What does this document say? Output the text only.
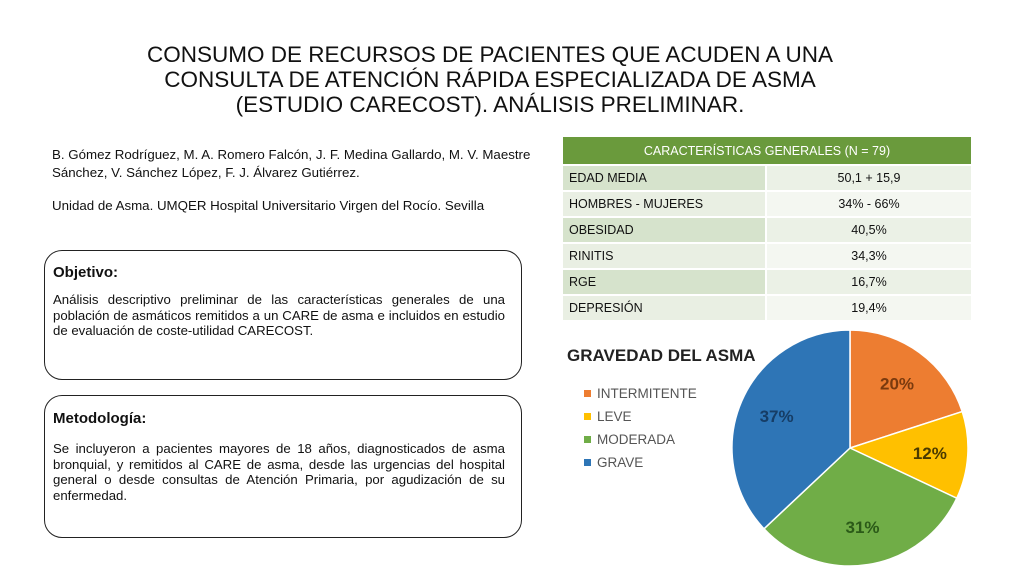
CONSUMO DE RECURSOS DE PACIENTES QUE ACUDEN A UNA CONSULTA DE ATENCIÓN RÁPIDA ESPECIALIZADA DE ASMA (ESTUDIO CARECOST). ANÁLISIS PRELIMINAR.
B. Gómez Rodríguez, M. A. Romero Falcón, J. F. Medina Gallardo, M. V. Maestre Sánchez, V. Sánchez López, F. J. Álvarez Gutiérrez.
Unidad de Asma. UMQER Hospital Universitario Virgen del Rocío. Sevilla
Objetivo:

Análisis descriptivo preliminar de las características generales de una población de asmáticos remitidos a un CARE de asma e incluidos en estudio de evaluación de coste-utilidad CARECOST.

Metodología:

Se incluyeron a pacientes mayores de 18 años, diagnosticados de asma bronquial, y remitidos al CARE de asma, desde las urgencias del hospital general o desde consultas de Atención Primaria, por agudización de su enfermedad.

CARACTERÍSTICAS GENERALES (N = 79)	
EDAD MEDIA	50,1 + 15,9
HOMBRES - MUJERES	34% - 66%
OBESIDAD	40,5%
RINITIS	34,3%
RGE	16,7%
DEPRESIÓN	19,4%
GRAVEDAD DEL ASMA
INTERMITENTE
LEVE
MODERADA
GRAVE
20%
12%
31%
37%
